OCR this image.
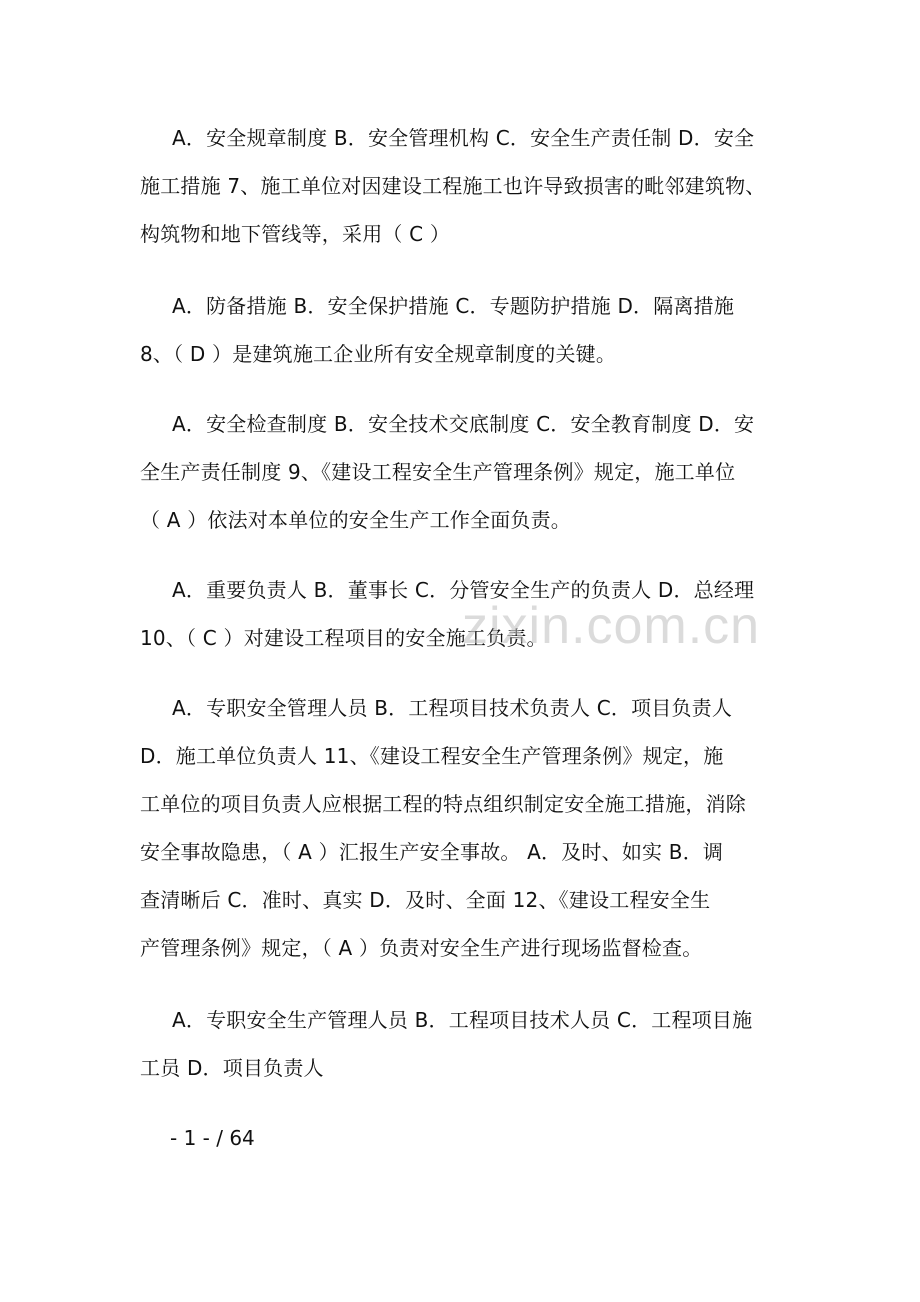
A．安全规章制度 B．安全管理机构 C．安全生产责任制 D．安全
施工措施 7、施工单位对因建设工程施工也许导致损害的毗邻建筑物、
构筑物和地下管线等，采用（ C ）

A．防备措施 B．安全保护措施 C．专题防护措施 D．隔离措施
8、（ D ）是建筑施工企业所有安全规章制度的关键。

A．安全检查制度 B．安全技术交底制度 C．安全教育制度 D．安
全生产责任制度 9、《建设工程安全生产管理条例》规定，施工单位
（ A ）依法对本单位的安全生产工作全面负责。

A．重要负责人 B．董事长 C．分管安全生产的负责人 D．总经理
10、（ C ）对建设工程项目的安全施工负责。

A．专职安全管理人员 B．工程项目技术负责人 C．项目负责人
D．施工单位负责人 11、《建设工程安全生产管理条例》规定，施
工单位的项目负责人应根据工程的特点组织制定安全施工措施，消除
安全事故隐患，（ A ）汇报生产安全事故。 A．及时、如实 B．调
查清晰后 C．准时、真实 D．及时、全面 12、《建设工程安全生
产管理条例》规定，（ A ）负责对安全生产进行现场监督检查。

A．专职安全生产管理人员 B．工程项目技术人员 C．工程项目施
工员 D．项目负责人

zixin.com.cn
- 1 - / 64
